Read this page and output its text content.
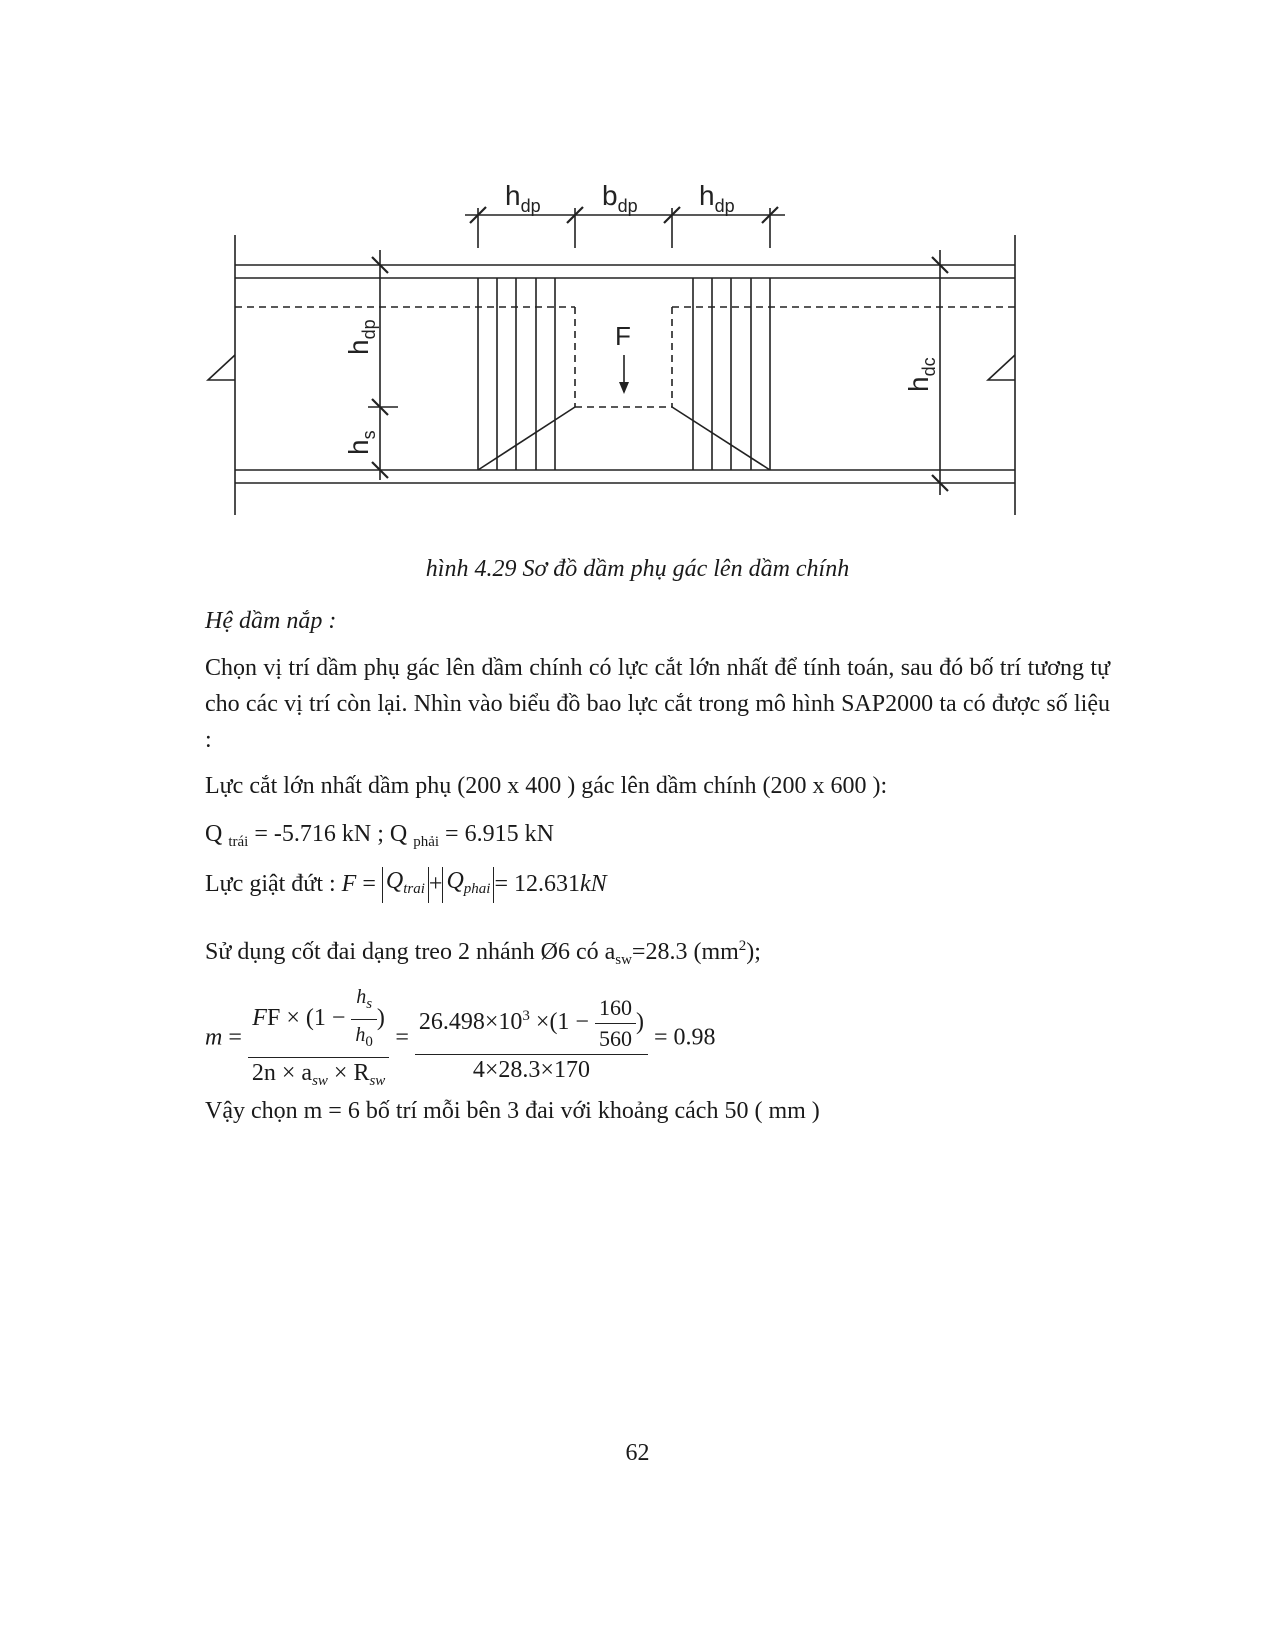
$h_{dp}$ $b_{dp}$ $h_{dp}$
F
$h_{dp}$
$h_s$
$h_{dc}$
hình 4.29 Sơ đồ dầm phụ gác lên dầm chính
Hệ dầm nắp :
Chọn vị trí dầm phụ gác lên dầm chính có lực cắt lớn nhất để tính toán, sau đó bố trí tương tự cho các vị trí còn lại. Nhìn vào biểu đồ bao lực cắt trong mô hình SAP2000 ta có được số liệu :
Lực cắt lớn nhất dầm phụ (200 x 400 ) gác lên dầm chính (200 x 600 ):
Q $_{trái}$ = -5.716 kN ; Q $_{phải}$ = 6.915 kN
Lực giật đứt : $F = Q_{trai} + Q_{phai} = 12.631kN$
Sử dụng cốt đai dạng treo 2 nhánh Ø6 có $a_{sw}=28.3$ $(mm^2)$;
$m = \frac{FF \times (1 - \frac{h_s}{h_0} )}{2n \times a_{sw} \times R_{sw}} = \frac{26.498\times 10^3 \times(1 - \frac{160}{560} )}{4\times 28.3\times 170} = 0.98$
Vậy chọn m = 6 bố trí mỗi bên 3 đai với khoảng cách 50 ( mm )
62
